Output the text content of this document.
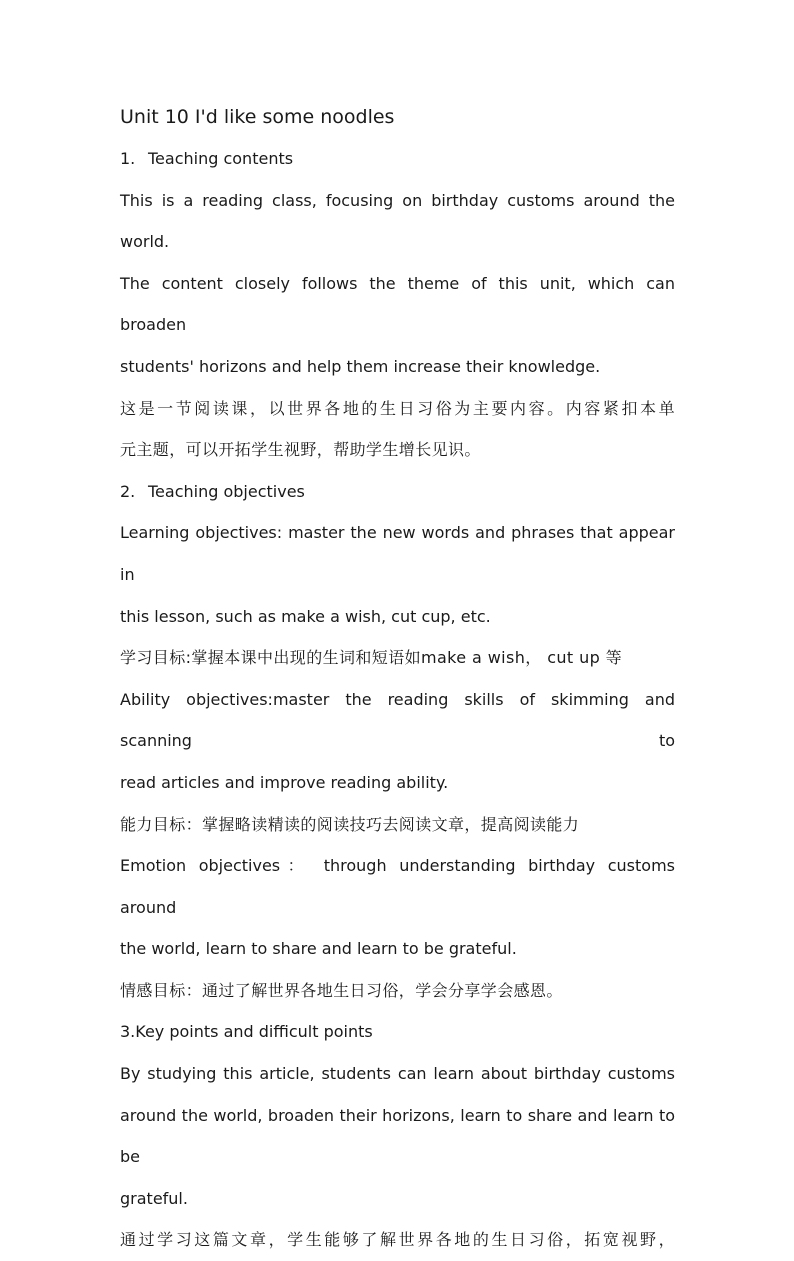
Unit 10 I'd like some noodles

1. Teaching contents

This is a reading class, focusing on birthday customs around the world.

The content closely follows the theme of this unit, which can broaden

students' horizons and help them increase their knowledge.

这是一节阅读课，以世界各地的生日习俗为主要内容。内容紧扣本单

元主题，可以开拓学生视野，帮助学生增长见识。

2. Teaching objectives

Learning objectives: master the new words and phrases that appear in

this lesson, such as make a wish, cut cup, etc.

学习目标:掌握本课中出现的生词和短语如make a wish， cut up 等

Ability objectives:master the reading skills of skimming and scanning to

read articles and improve reading ability.

能力目标：掌握略读精读的阅读技巧去阅读文章，提高阅读能力

Emotion objectives： through understanding birthday customs around

the world, learn to share and learn to be grateful.

情感目标：通过了解世界各地生日习俗，学会分享学会感恩。

3.Key points and difficult points

By studying this article, students can learn about birthday customs

around the world, broaden their horizons, learn to share and learn to be

grateful.

通过学习这篇文章，学生能够了解世界各地的生日习俗，拓宽视野，
